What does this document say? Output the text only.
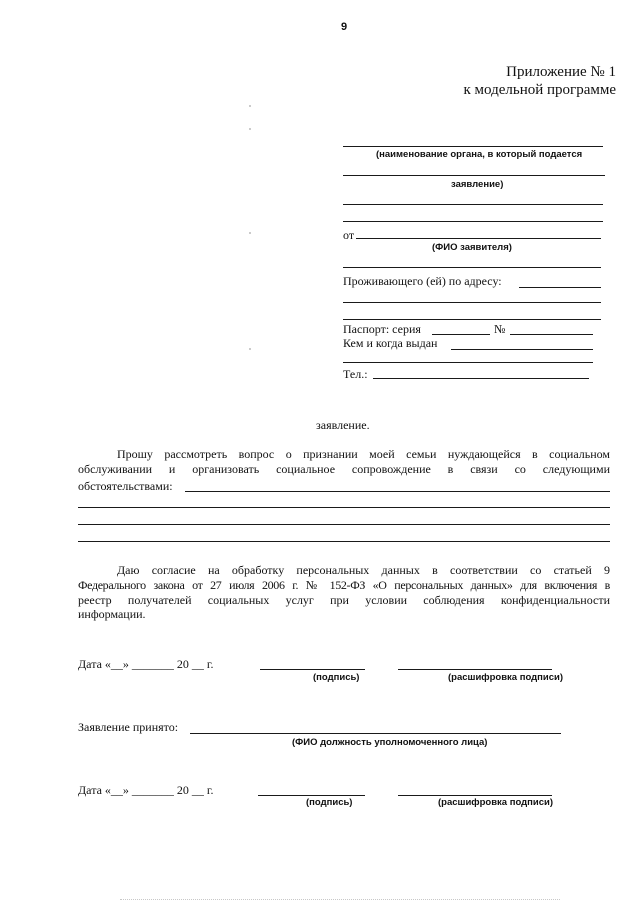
9
Приложение № 1
к модельной программе
(наименование органа, в который подается
заявление)
от
(ФИО заявителя)
Проживающего (ей) по адресу:
Паспорт: серия	№
Кем и когда выдан
Тел.:
заявление.
Прошу рассмотреть вопрос о признании моей семьи нуждающейся в социальном
обслуживании и организовать социальное сопровождение в связи со следующими
обстоятельствами:
Даю согласие на обработку персональных данных в соответствии со статьей 9
Федерального закона от 27 июля 2006 г. № 152-ФЗ «О персональных данных» для включения в
реестр получателей социальных услуг при условии соблюдения конфиденциальности
информации.
Дата «__» _______ 20 __ г.
(подпись)	(расшифровка подписи)
Заявление принято:
(ФИО должность уполномоченного лица)
Дата «__» _______ 20 __ г.
(подпись)	(расшифровка подписи)
